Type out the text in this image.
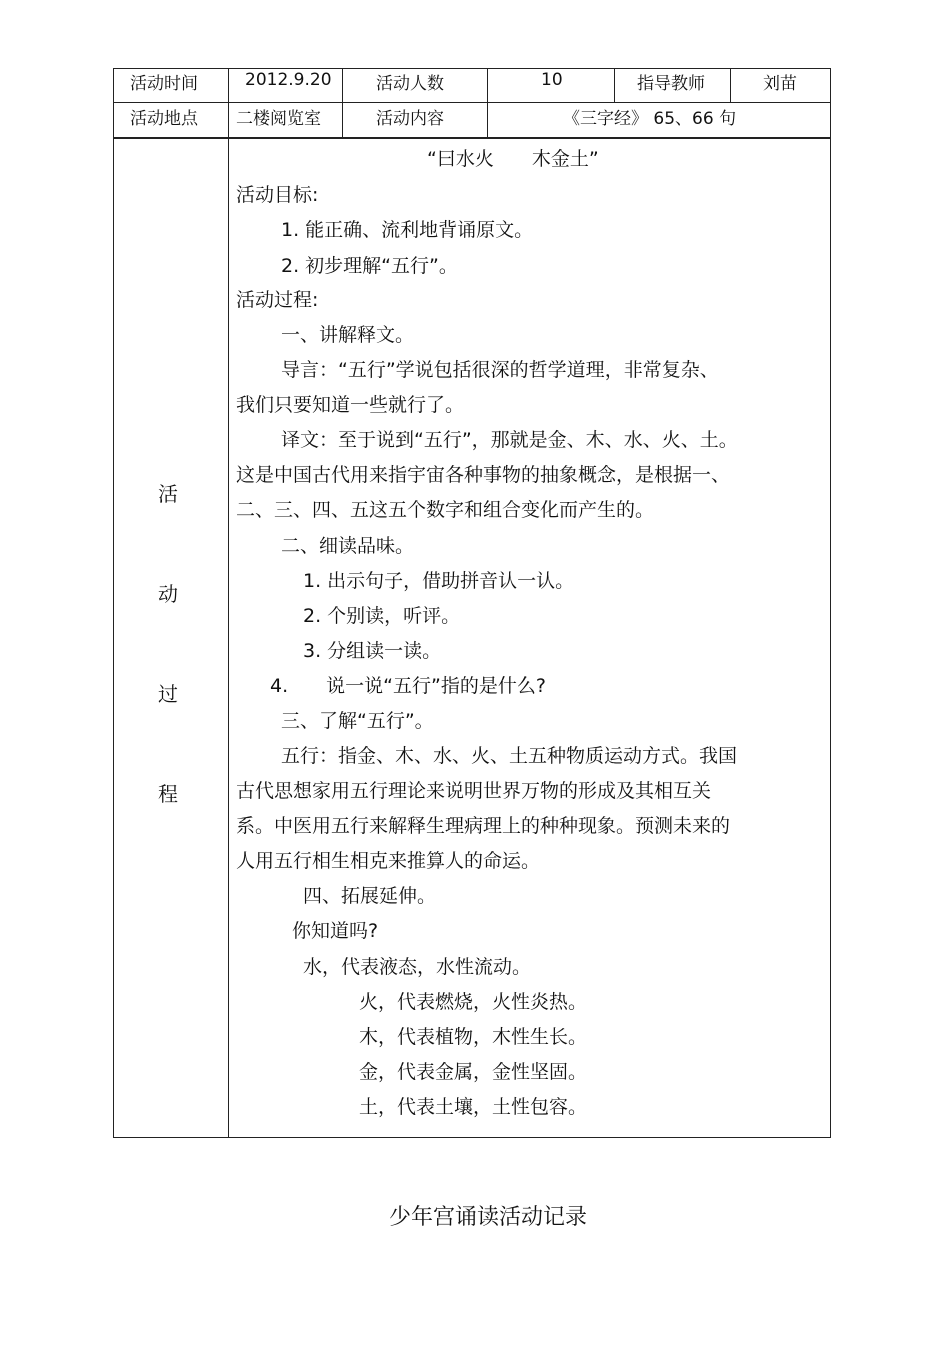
活动时间	2012.9.20	活动人数	10	指导教师	刘苗
活动地点 二楼阅览室	活动内容	《三字经》 65、66 句
活
动
过
程
“曰水火　　木金土”
活动目标:
1. 能正确、流利地背诵原文。
2. 初步理解“五行”。
活动过程:
一、讲解释文。
导言：“五行”学说包括很深的哲学道理，非常复杂、
我们只要知道一些就行了。
译文：至于说到“五行”，那就是金、木、水、火、土。
这是中国古代用来指宇宙各种事物的抽象概念，是根据一、
二、三、四、五这五个数字和组合变化而产生的。
二、细读品味。
1. 出示句子，借助拼音认一认。
2. 个别读，听评。
3. 分组读一读。
4.　　说一说“五行”指的是什么?
三、了解“五行”。
五行：指金、木、水、火、土五种物质运动方式。我国
古代思想家用五行理论来说明世界万物的形成及其相互关
系。中医用五行来解释生理病理上的种种现象。预测未来的
人用五行相生相克来推算人的命运。
四、拓展延伸。
你知道吗?
水，代表液态，水性流动。
火，代表燃烧，火性炎热。
木，代表植物，木性生长。
金，代表金属，金性坚固。
土，代表土壤，土性包容。
少年宫诵读活动记录
